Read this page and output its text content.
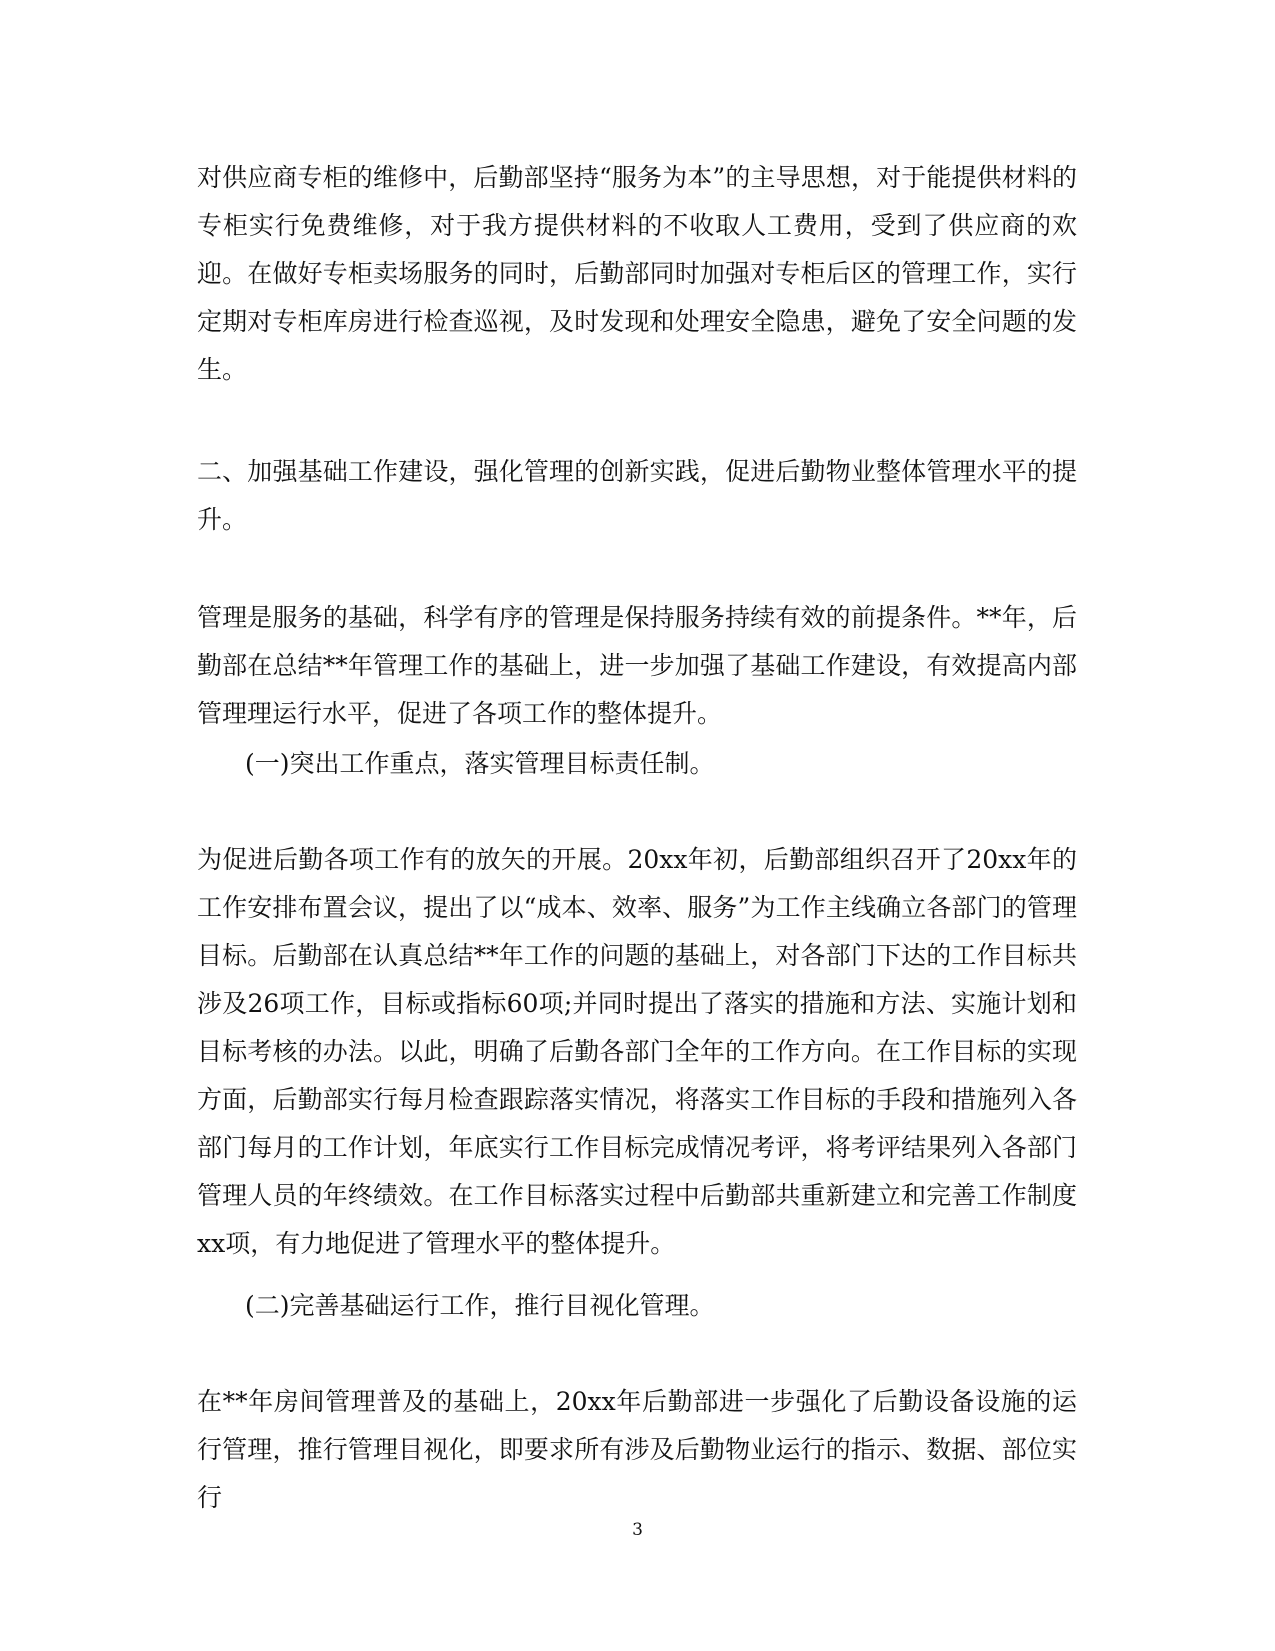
对供应商专柜的维修中，后勤部坚持“服务为本”的主导思想，对于能提供材料的专柜实行免费维修，对于我方提供材料的不收取人工费用，受到了供应商的欢迎。在做好专柜卖场服务的同时，后勤部同时加强对专柜后区的管理工作，实行定期对专柜库房进行检查巡视，及时发现和处理安全隐患，避免了安全问题的发生。

二、加强基础工作建设，强化管理的创新实践，促进后勤物业整体管理水平的提升。

管理是服务的基础，科学有序的管理是保持服务持续有效的前提条件。**年，后勤部在总结**年管理工作的基础上，进一步加强了基础工作建设，有效提高内部管理理运行水平，促进了各项工作的整体提升。

(一)突出工作重点，落实管理目标责任制。

为促进后勤各项工作有的放矢的开展。20xx年初，后勤部组织召开了20xx年的工作安排布置会议，提出了以“成本、效率、服务”为工作主线确立各部门的管理目标。后勤部在认真总结**年工作的问题的基础上，对各部门下达的工作目标共涉及26项工作，目标或指标60项;并同时提出了落实的措施和方法、实施计划和目标考核的办法。以此，明确了后勤各部门全年的工作方向。在工作目标的实现方面，后勤部实行每月检查跟踪落实情况，将落实工作目标的手段和措施列入各部门每月的工作计划，年底实行工作目标完成情况考评，将考评结果列入各部门管理人员的年终绩效。在工作目标落实过程中后勤部共重新建立和完善工作制度xx项，有力地促进了管理水平的整体提升。

(二)完善基础运行工作，推行目视化管理。

在**年房间管理普及的基础上，20xx年后勤部进一步强化了后勤设备设施的运行管理，推行管理目视化，即要求所有涉及后勤物业运行的指示、数据、部位实行

3
